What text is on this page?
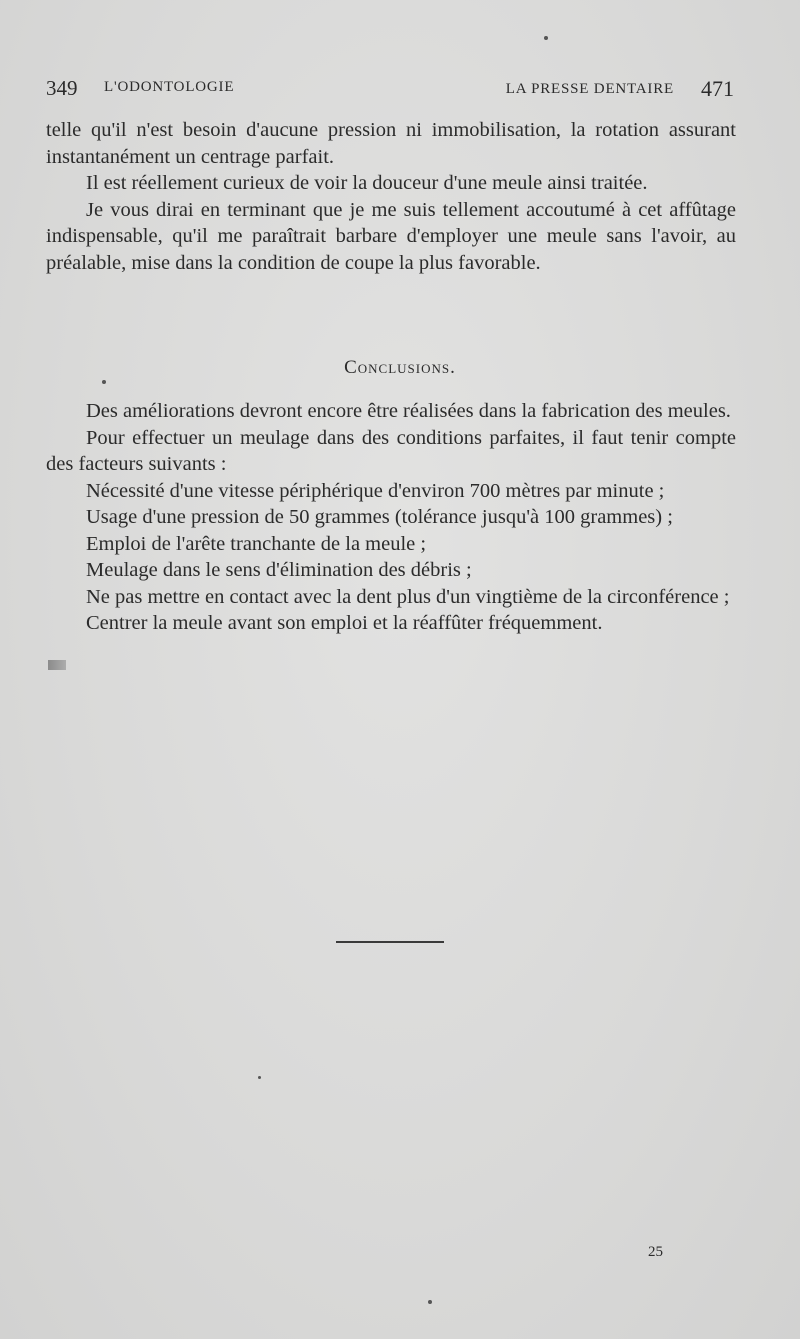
349 L'ODONTOLOGIE	LA PRESSE DENTAIRE 471

telle qu'il n'est besoin d'aucune pression ni immobilisation, la rotation assurant instantanément un centrage parfait.

Il est réellement curieux de voir la douceur d'une meule ainsi traitée.

Je vous dirai en terminant que je me suis tellement accoutumé à cet affûtage indispensable, qu'il me paraîtrait barbare d'employer une meule sans l'avoir, au préalable, mise dans la condition de coupe la plus favorable.

Conclusions.

Des améliorations devront encore être réalisées dans la fabrication des meules.

Pour effectuer un meulage dans des conditions parfaites, il faut tenir compte des facteurs suivants :

Nécessité d'une vitesse périphérique d'environ 700 mètres par minute ;

Usage d'une pression de 50 grammes (tolérance jusqu'à 100 grammes) ;

Emploi de l'arête tranchante de la meule ;

Meulage dans le sens d'élimination des débris ;

Ne pas mettre en contact avec la dent plus d'un vingtième de la circonférence ;

Centrer la meule avant son emploi et la réaffûter fréquemment.

25
